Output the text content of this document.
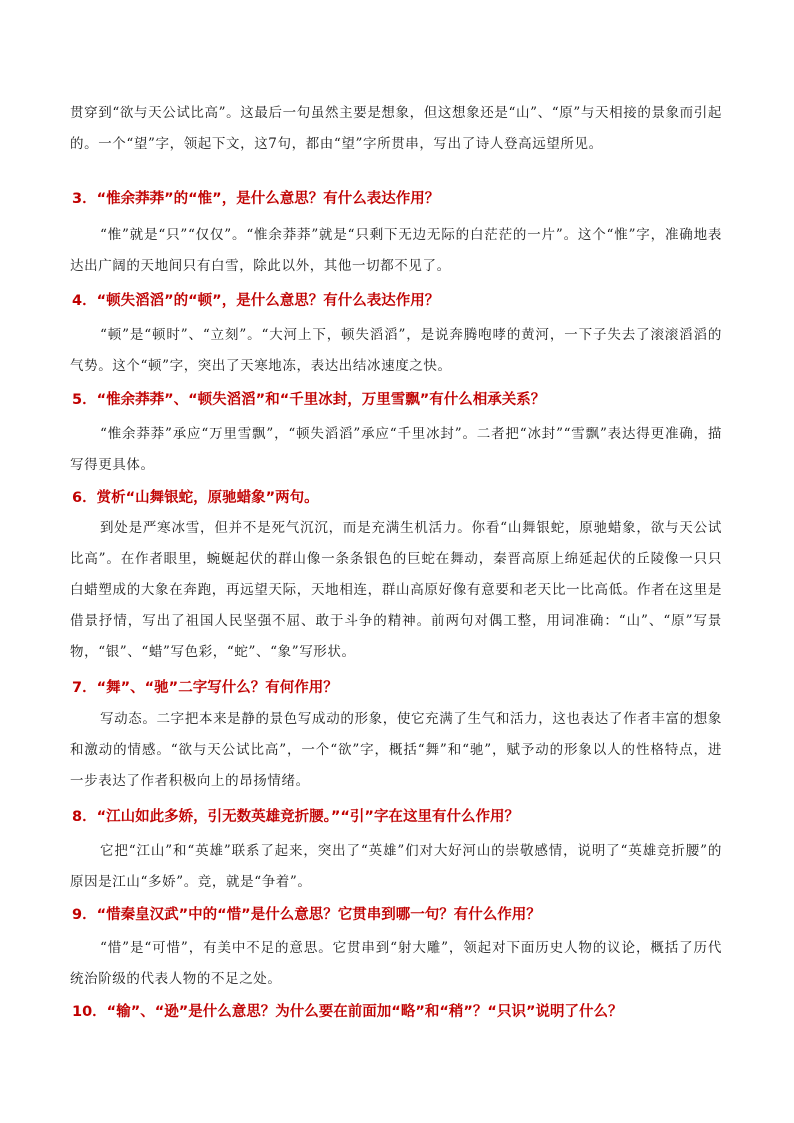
贯穿到“欲与天公试比高”。这最后一句虽然主要是想象，但这想象还是“山”、“原”与天相接的景象而引起的。一个“望”字，领起下文，这7句，都由“望”字所贯串，写出了诗人登高远望所见。

3．“惟余莽莽”的“惟”，是什么意思？有什么表达作用？

“惟”就是“只”“仅仅”。“惟余莽莽”就是“只剩下无边无际的白茫茫的一片”。这个“惟”字，准确地表达出广阔的天地间只有白雪，除此以外，其他一切都不见了。

4．“顿失滔滔”的“顿”，是什么意思？有什么表达作用？

“顿”是“顿时”、“立刻”。“大河上下，顿失滔滔”，是说奔腾咆哮的黄河，一下子失去了滚滚滔滔的气势。这个“顿”字，突出了天寒地冻，表达出结冰速度之快。

5．“惟余莽莽”、“顿失滔滔”和“千里冰封，万里雪飘”有什么相承关系？

“惟余莽莽”承应“万里雪飘”，“顿失滔滔”承应“千里冰封”。二者把“冰封”“雪飘”表达得更准确，描写得更具体。

6．赏析“山舞银蛇，原驰蜡象”两句。

到处是严寒冰雪，但并不是死气沉沉，而是充满生机活力。你看“山舞银蛇，原驰蜡象，欲与天公试比高”。在作者眼里，蜿蜒起伏的群山像一条条银色的巨蛇在舞动，秦晋高原上绵延起伏的丘陵像一只只白蜡塑成的大象在奔跑，再远望天际，天地相连，群山高原好像有意要和老天比一比高低。作者在这里是借景抒情，写出了祖国人民坚强不屈、敢于斗争的精神。前两句对偶工整，用词准确：“山”、“原”写景物，“银”、“蜡”写色彩，“蛇”、“象”写形状。

7．“舞”、“驰”二字写什么？有何作用？

写动态。二字把本来是静的景色写成动的形象，使它充满了生气和活力，这也表达了作者丰富的想象和激动的情感。“欲与天公试比高”，一个“欲”字，概括“舞”和“驰”，赋予动的形象以人的性格特点，进一步表达了作者积极向上的昂扬情绪。

8．“江山如此多娇，引无数英雄竞折腰。”“引”字在这里有什么作用？

它把“江山”和“英雄”联系了起来，突出了“英雄”们对大好河山的崇敬感情，说明了“英雄竞折腰”的原因是江山“多娇”。竞，就是“争着”。

9．“惜秦皇汉武”中的“惜”是什么意思？它贯串到哪一句？有什么作用？

“惜”是“可惜”，有美中不足的意思。它贯串到“射大雕”，领起对下面历史人物的议论，概括了历代统治阶级的代表人物的不足之处。

10．“输”、“逊”是什么意思？为什么要在前面加“略”和“稍”？“只识”说明了什么？
